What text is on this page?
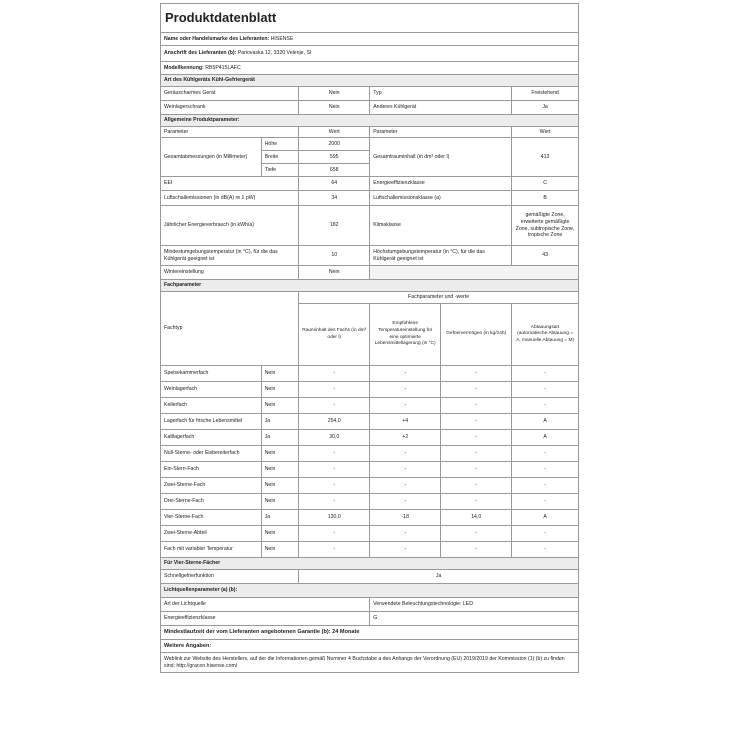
Produktdatenblatt					
Name oder Handelsmarke des Lieferanten: HISENSE					
Anschrift des Lieferanten (b): Pariovaska 12, 3320 Velenje, SI					
Modellkennung: RB5P415LAFC					
Art des Kühlgeräts Kühl-Gefriergerät					
Geräuscharmes Gerät		Nein	Typ		Freistehend
Weinlagerschrank		Nein	Anderes Kühlgerät		Ja
Allgemeine Produktparameter:					
Parameter		Wert	Parameter		Wert
Gesamtabmessungen (in Millimeter)	Höhe	2000	Gesamtrauminhalt (in dm³ oder l)		413
	Breite	595			
	Tiefe	658			
EEI		64	Energieeffizienzklasse		C
Luftschallemissionen (in dB(A) re 1 pW)		34	Luftschallemissionsklasse (a)		B
Jährlicher Energieverbrauch (in kWh/a)		182	Klimaklasse		gemäßigte Zone, erweiterte gemäßigte Zone, subtropische Zone, tropische Zone
Mindestumgebungstemperatur (in °C), für die das Kühlgerät geeignet ist		10	Höchstumgebungstemperatur (in °C), für die das Kühlgerät geeignet ist		43
Wintereinstellung		Nein			
Fachparameter					
Fachtyp		Fachparameter und -werte			
		Rauminhalt des Fachs (in dm³ oder l)	Empfohlene Temperatureinstellung für eine optimierte Lebensmittellagerung (in °C)	Gefriervermögen (in kg/24h)	Abtauungsart (automatische Abtauung = A, manuelle Abtauung = M)
Speisekammerfach	Nein	-	-	-	-
Weinlagerfach	Nein	-	-	-	-
Kellerfach	Nein	-	-	-	-
Lagerfach für frische Lebensmittel	Ja	254,0	+4	-	A
Kaltlagerfach	Ja	30,0	+2	-	A
Null-Sterne- oder Eisbereiterfach	Nein	-	-	-	-
Ein-Stern-Fach	Nein	-	-	-	-
Zwei-Sterne-Fach	Nein	-	-	-	-
Drei-Sterne-Fach	Nein	-	-	-	-
Vier-Sterne-Fach	Ja	130,0	-18	14,0	A
Zwei-Sterne-Abteil	Nein	-	-	-	-
Fach mit variabler Temperatur	Nein	-	-	-	-
Für Vier-Sterne-Fächer					
Schnellgefrierfunktion		Ja			
Lichtquellenparameter (a) (b):					
Art der Lichtquelle			Verwendete Beleuchtungstechnologie: LED		
Energieeffizienzklasse			G		
Mindestlaufzeit der vom Lieferanten angebotenen Garantie (b): 24 Monate					
Weitere Angaben:					
Weblink zur Website des Herstellers, auf der die Informationen gemäß Nummer 4 Buchstabe a des Anhangs der Verordnung (EU) 2019/2019 der Kommission (1) (b) zu finden sind: http://gracon.hisense.com/					
